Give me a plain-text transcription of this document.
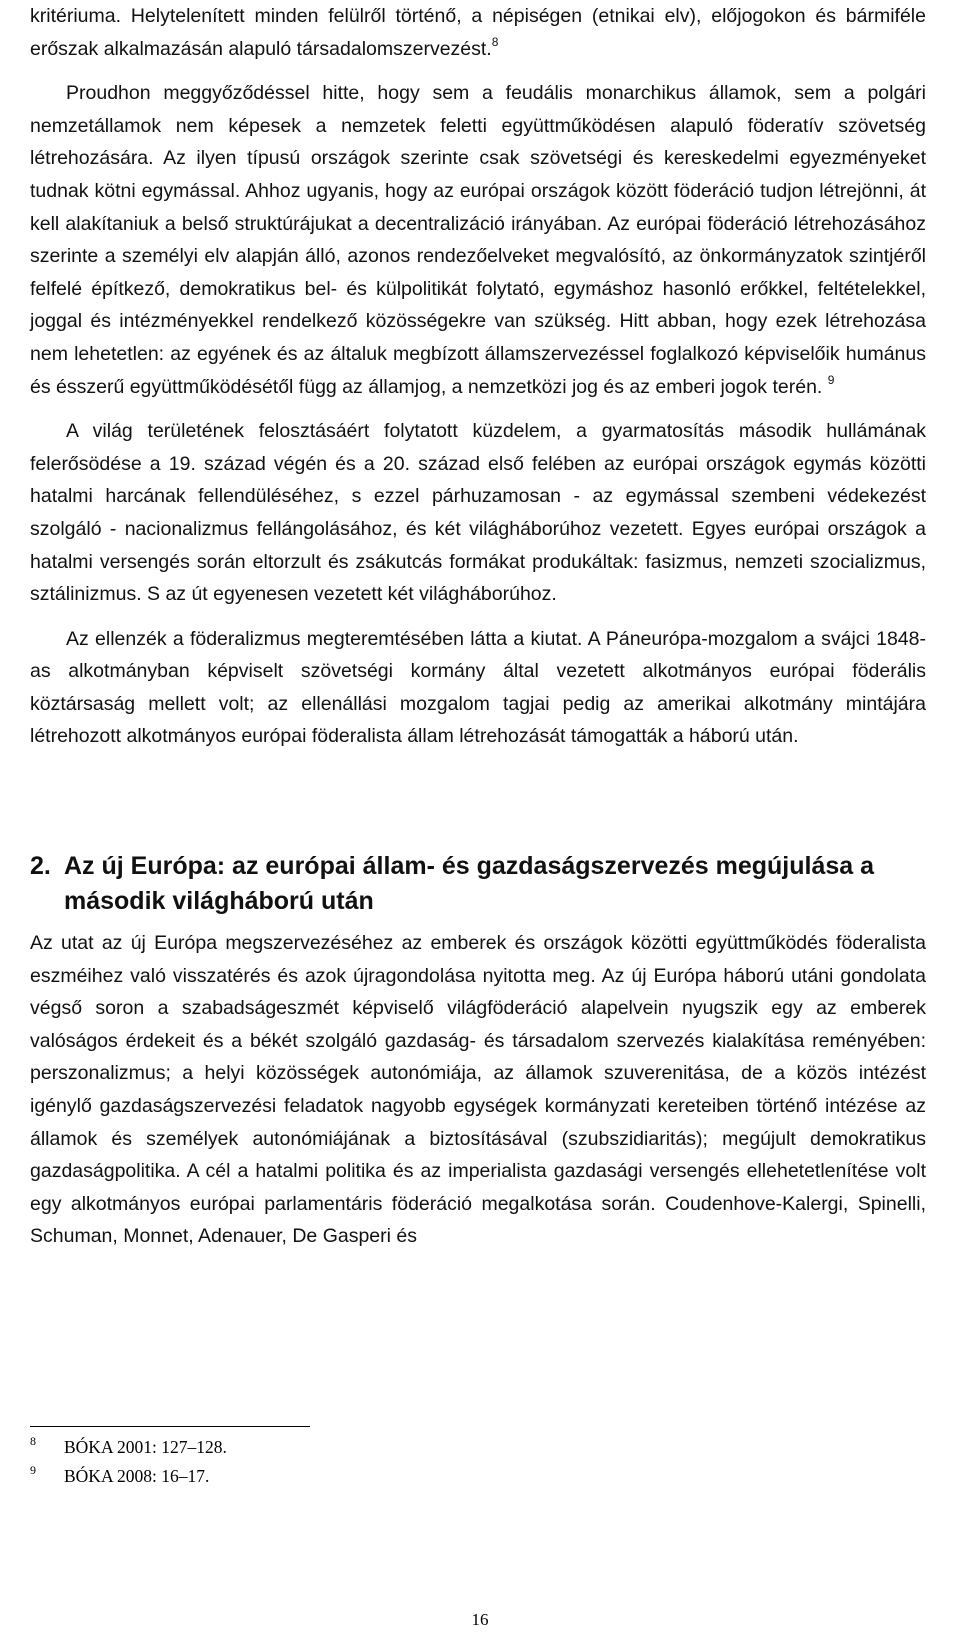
kritériuma. Helytelenített minden felülről történő, a népiségen (etnikai elv), előjogokon és bármiféle erőszak alkalmazásán alapuló társadalomszervezést.$^8$

Proudhon meggyőződéssel hitte, hogy sem a feudális monarchikus államok, sem a polgári nemzetállamok nem képesek a nemzetek feletti együttműködésen alapuló föderatív szövetség létrehozására. Az ilyen típusú országok szerinte csak szövetségi és kereskedelmi egyezményeket tudnak kötni egymással. Ahhoz ugyanis, hogy az európai országok között föderáció tudjon létrejönni, át kell alakítaniuk a belső struktúrájukat a decentralizáció irányában. Az európai föderáció létrehozásához szerinte a személyi elv alapján álló, azonos rendezőelveket megvalósító, az önkormányzatok szintjéről felfelé építkező, demokratikus bel- és külpolitikát folytató, egymáshoz hasonló erőkkel, feltételekkel, joggal és intézményekkel rendelkező közösségekre van szükség. Hitt abban, hogy ezek létrehozása nem lehetetlen: az egyének és az általuk megbízott államszervezéssel foglalkozó képviselőik humánus és ésszerű együttműködésétől függ az államjog, a nemzetközi jog és az emberi jogok terén. $^9$

A világ területének felosztásáért folytatott küzdelem, a gyarmatosítás második hullámának felerősödése a 19. század végén és a 20. század első felében az európai országok egymás közötti hatalmi harcának fellendüléséhez, s ezzel párhuzamosan - az egymással szembeni védekezést szolgáló - nacionalizmus fellángolásához, és két világháborúhoz vezetett. Egyes európai országok a hatalmi versengés során eltorzult és zsákutcás formákat produkáltak: fasizmus, nemzeti szocializmus, sztálinizmus. S az út egyenesen vezetett két világháborúhoz.

Az ellenzék a föderalizmus megteremtésében látta a kiutat. A Páneurópa-mozgalom a svájci 1848-as alkotmányban képviselt szövetségi kormány által vezetett alkotmányos európai föderális köztársaság mellett volt; az ellenállási mozgalom tagjai pedig az amerikai alkotmány mintájára létrehozott alkotmányos európai föderalista állam létrehozását támogatták a háború után.

2. Az új Európa: az európai állam- és gazdaságszervezés megújulása a második világháború után

Az utat az új Európa megszervezéséhez az emberek és országok közötti együttműködés föderalista eszméihez való visszatérés és azok újragondolása nyitotta meg. Az új Európa háború utáni gondolata végső soron a szabadságeszmét képviselő világföderáció alapelvein nyugszik egy az emberek valóságos érdekeit és a békét szolgáló gazdaság- és társadalom szervezés kialakítása reményében: perszonalizmus; a helyi közösségek autonómiája, az államok szuverenitása, de a közös intézést igénylő gazdaságszervezési feladatok nagyobb egységek kormányzati kereteiben történő intézése az államok és személyek autonómiájának a biztosításával (szubszidiaritás); megújult demokratikus gazdaságpolitika. A cél a hatalmi politika és az imperialista gazdasági versengés ellehetetlenítése volt egy alkotmányos európai parlamentáris föderáció megalkotása során. Coudenhove-Kalergi, Spinelli, Schuman, Monnet, Adenauer, De Gasperi és

8 BÓKA 2001: 127–128.
9 BÓKA 2008: 16–17.
16
